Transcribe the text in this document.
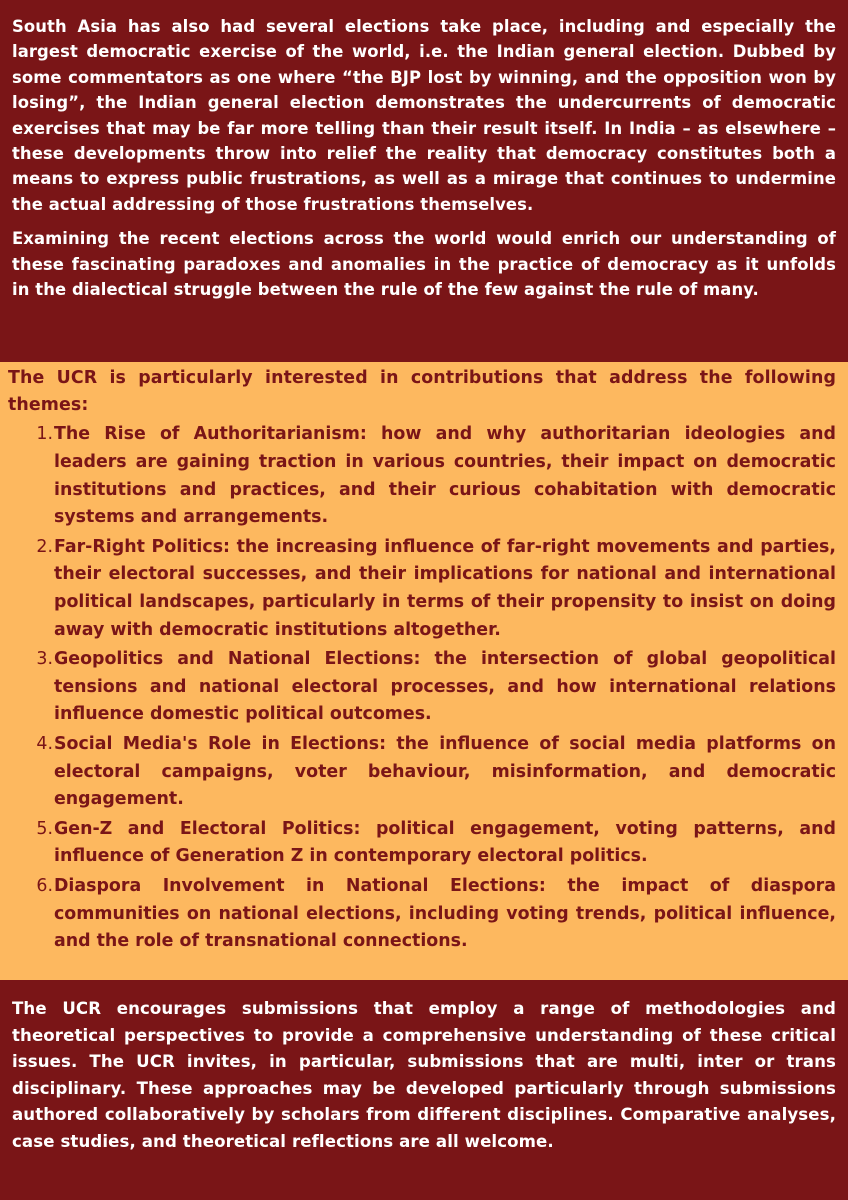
South Asia has also had several elections take place, including and especially the largest democratic exercise of the world, i.e. the Indian general election. Dubbed by some commentators as one where “the BJP lost by winning, and the opposition won by losing”, the Indian general election demonstrates the undercurrents of democratic exercises that may be far more telling than their result itself. In India – as elsewhere – these developments throw into relief the reality that democracy constitutes both a means to express public frustrations, as well as a mirage that continues to undermine the actual addressing of those frustrations themselves.

Examining the recent elections across the world would enrich our understanding of these fascinating paradoxes and anomalies in the practice of democracy as it unfolds in the dialectical struggle between the rule of the few against the rule of many.

The UCR is particularly interested in contributions that address the following themes:

1. The Rise of Authoritarianism: how and why authoritarian ideologies and leaders are gaining traction in various countries, their impact on democratic institutions and practices, and their curious cohabitation with democratic systems and arrangements.
2. Far-Right Politics: the increasing influence of far-right movements and parties, their electoral successes, and their implications for national and international political landscapes, particularly in terms of their propensity to insist on doing away with democratic institutions altogether.
3. Geopolitics and National Elections: the intersection of global geopolitical tensions and national electoral processes, and how international relations influence domestic political outcomes.
4. Social Media's Role in Elections: the influence of social media platforms on electoral campaigns, voter behaviour, misinformation, and democratic engagement.
5. Gen-Z and Electoral Politics: political engagement, voting patterns, and influence of Generation Z in contemporary electoral politics.
6. Diaspora Involvement in National Elections: the impact of diaspora communities on national elections, including voting trends, political influence, and the role of transnational connections.

The UCR encourages submissions that employ a range of methodologies and theoretical perspectives to provide a comprehensive understanding of these critical issues. The UCR invites, in particular, submissions that are multi, inter or trans disciplinary. These approaches may be developed particularly through submissions authored collaboratively by scholars from different disciplines. Comparative analyses, case studies, and theoretical reflections are all welcome.
